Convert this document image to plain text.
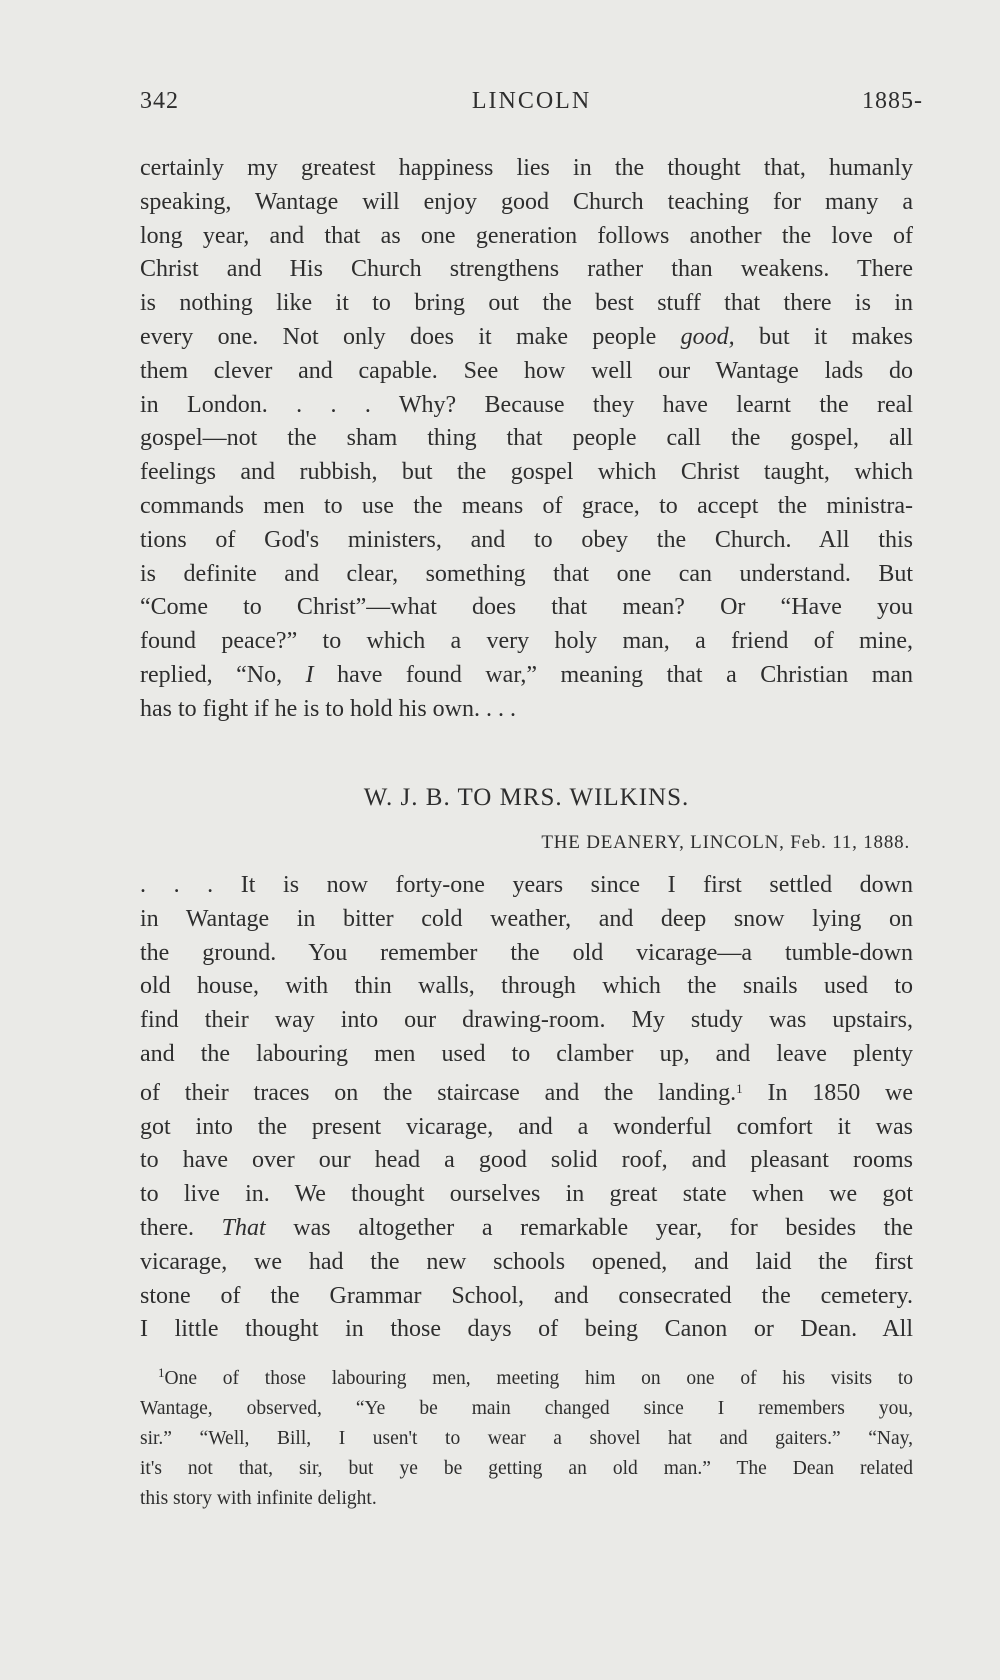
342	LINCOLN	1885-
certainly my greatest happiness lies in the thought that, humanly
speaking, Wantage will enjoy good Church teaching for many a
long year, and that as one generation follows another the love of
Christ and His Church strengthens rather than weakens. There
is nothing like it to bring out the best stuff that there is in
every one. Not only does it make people good, but it makes
them clever and capable. See how well our Wantage lads do
in London. . . . Why? Because they have learnt the real
gospel—not the sham thing that people call the gospel, all
feelings and rubbish, but the gospel which Christ taught, which
commands men to use the means of grace, to accept the ministra-
tions of God's ministers, and to obey the Church. All this
is definite and clear, something that one can understand. But
“Come to Christ”—what does that mean? Or “Have you
found peace?” to which a very holy man, a friend of mine,
replied, “No, I have found war,” meaning that a Christian man
has to fight if he is to hold his own. . . .
W. J. B. TO MRS. WILKINS.
THE DEANERY, LINCOLN, Feb. 11, 1888.
. . . It is now forty-one years since I first settled down
in Wantage in bitter cold weather, and deep snow lying on
the ground. You remember the old vicarage—a tumble-down
old house, with thin walls, through which the snails used to
find their way into our drawing-room. My study was upstairs,
and the labouring men used to clamber up, and leave plenty
of their traces on the staircase and the landing.$^1$ In 1850 we
got into the present vicarage, and a wonderful comfort it was
to have over our head a good solid roof, and pleasant rooms
to live in. We thought ourselves in great state when we got
there. That was altogether a remarkable year, for besides the
vicarage, we had the new schools opened, and laid the first
stone of the Grammar School, and consecrated the cemetery.
I little thought in those days of being Canon or Dean. All
$^1$One of those labouring men, meeting him on one of his visits to
Wantage, observed, “Ye be main changed since I remembers you,
sir.” “Well, Bill, I usen't to wear a shovel hat and gaiters.” “Nay,
it's not that, sir, but ye be getting an old man.” The Dean related
this story with infinite delight.
